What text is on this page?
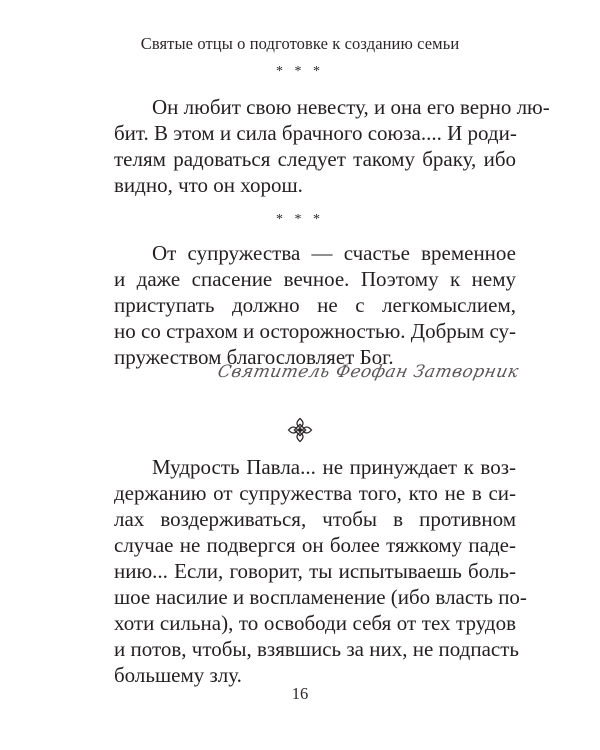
Святые отцы о подготовке к созданию семьи
* * *
Он любит свою невесту, и она его верно лю-
бит. В этом и сила брачного союза.... И роди-
телям радоваться следует такому браку, ибо
видно, что он хорош.
* * *
От супружества — счастье временное
и даже спасение вечное. Поэтому к нему
приступать должно не с легкомыслием,
но со страхом и осторожностью. Добрым су-
пружеством благословляет Бог.
Святитель Феофан Затворник
Мудрость Павла... не принуждает к воз-
держанию от супружества того, кто не в си-
лах воздерживаться, чтобы в противном
случае не подвергся он более тяжкому паде-
нию... Если, говорит, ты испытываешь боль-
шое насилие и воспламенение (ибо власть по-
хоти сильна), то освободи себя от тех трудов
и потов, чтобы, взявшись за них, не подпасть
большему злу.
16
